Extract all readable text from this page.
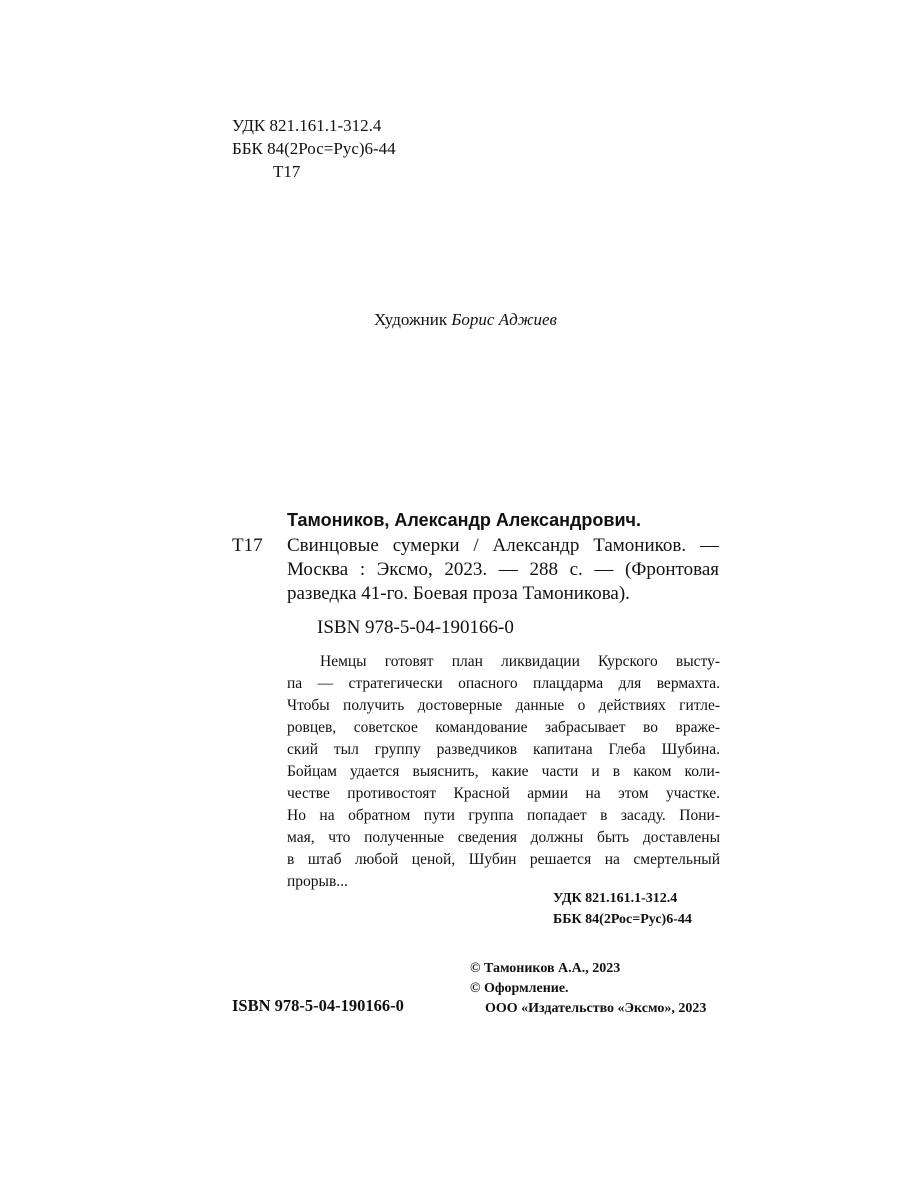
УДК 821.161.1-312.4
ББК 84(2Рос=Рус)6-44
Т17
Художник Борис Аджиев
Тамоников, Александр Александрович.
Т17 Свинцовые сумерки / Александр Тамоников. —
Москва : Эксмо, 2023. — 288 с. — (Фронтовая
разведка 41-го. Боевая проза Тамоникова).
ISBN 978-5-04-190166-0
Немцы готовят план ликвидации Курского высту-
па — стратегически опасного плацдарма для вермахта.
Чтобы получить достоверные данные о действиях гитле-
ровцев, советское командование забрасывает во враже-
ский тыл группу разведчиков капитана Глеба Шубина.
Бойцам удается выяснить, какие части и в каком коли-
честве противостоят Красной армии на этом участке.
Но на обратном пути группа попадает в засаду. Пони-
мая, что полученные сведения должны быть доставлены
в штаб любой ценой, Шубин решается на смертельный
прорыв...
УДК 821.161.1-312.4
ББК 84(2Рос=Рус)6-44
© Тамоников А.А., 2023
© Оформление.
ООО «Издательство «Эксмо», 2023
ISBN 978-5-04-190166-0
